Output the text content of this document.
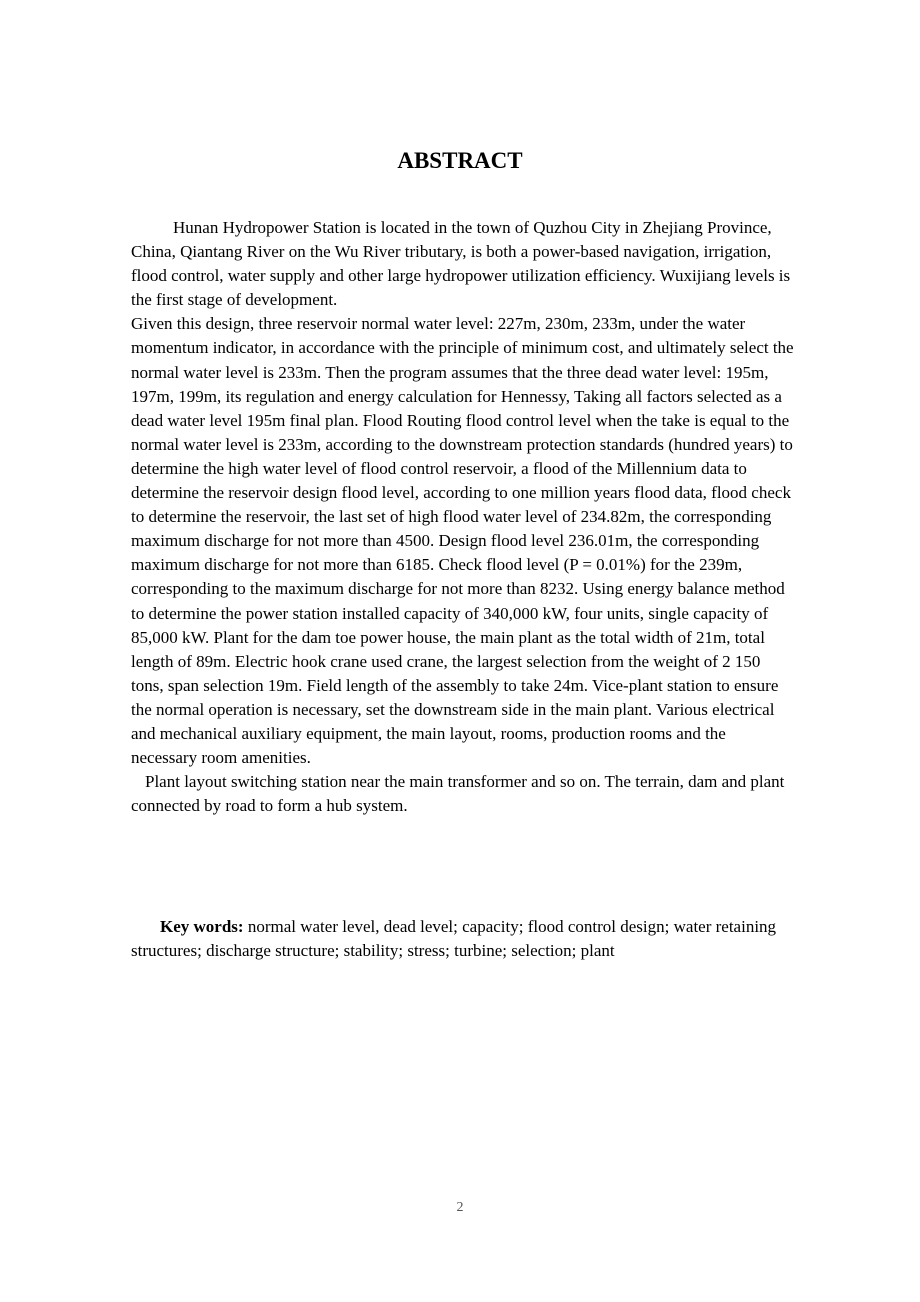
ABSTRACT

Hunan Hydropower Station is located in the town of Quzhou City in Zhejiang Province, China, Qiantang River on the Wu River tributary, is both a power-based navigation, irrigation, flood control, water supply and other large hydropower utilization efficiency. Wuxijiang levels is the first stage of development.

Given this design, three reservoir normal water level: 227m, 230m, 233m, under the water momentum indicator, in accordance with the principle of minimum cost, and ultimately select the normal water level is 233m. Then the program assumes that the three dead water level: 195m, 197m, 199m, its regulation and energy calculation for Hennessy, Taking all factors selected as a dead water level 195m final plan. Flood Routing flood control level when the take is equal to the normal water level is 233m, according to the downstream protection standards (hundred years) to determine the high water level of flood control reservoir, a flood of the Millennium data to determine the reservoir design flood level, according to one million years flood data, flood check to determine the reservoir, the last set of high flood water level of 234.82m, the corresponding maximum discharge for not more than 4500. Design flood level 236.01m, the corresponding maximum discharge for not more than 6185. Check flood level (P = 0.01%) for the 239m, corresponding to the maximum discharge for not more than 8232. Using energy balance method to determine the power station installed capacity of 340,000 kW, four units, single capacity of 85,000 kW. Plant for the dam toe power house, the main plant as the total width of 21m, total length of 89m. Electric hook crane used crane, the largest selection from the weight of 2 150 tons, span selection 19m. Field length of the assembly to take 24m. Vice-plant station to ensure the normal operation is necessary, set the downstream side in the main plant. Various electrical and mechanical auxiliary equipment, the main layout, rooms, production rooms and the necessary room amenities.

Plant layout switching station near the main transformer and so on. The terrain, dam and plant connected by road to form a hub system.

Key words: normal water level, dead level; capacity; flood control design; water retaining structures; discharge structure; stability; stress; turbine; selection; plant

2
